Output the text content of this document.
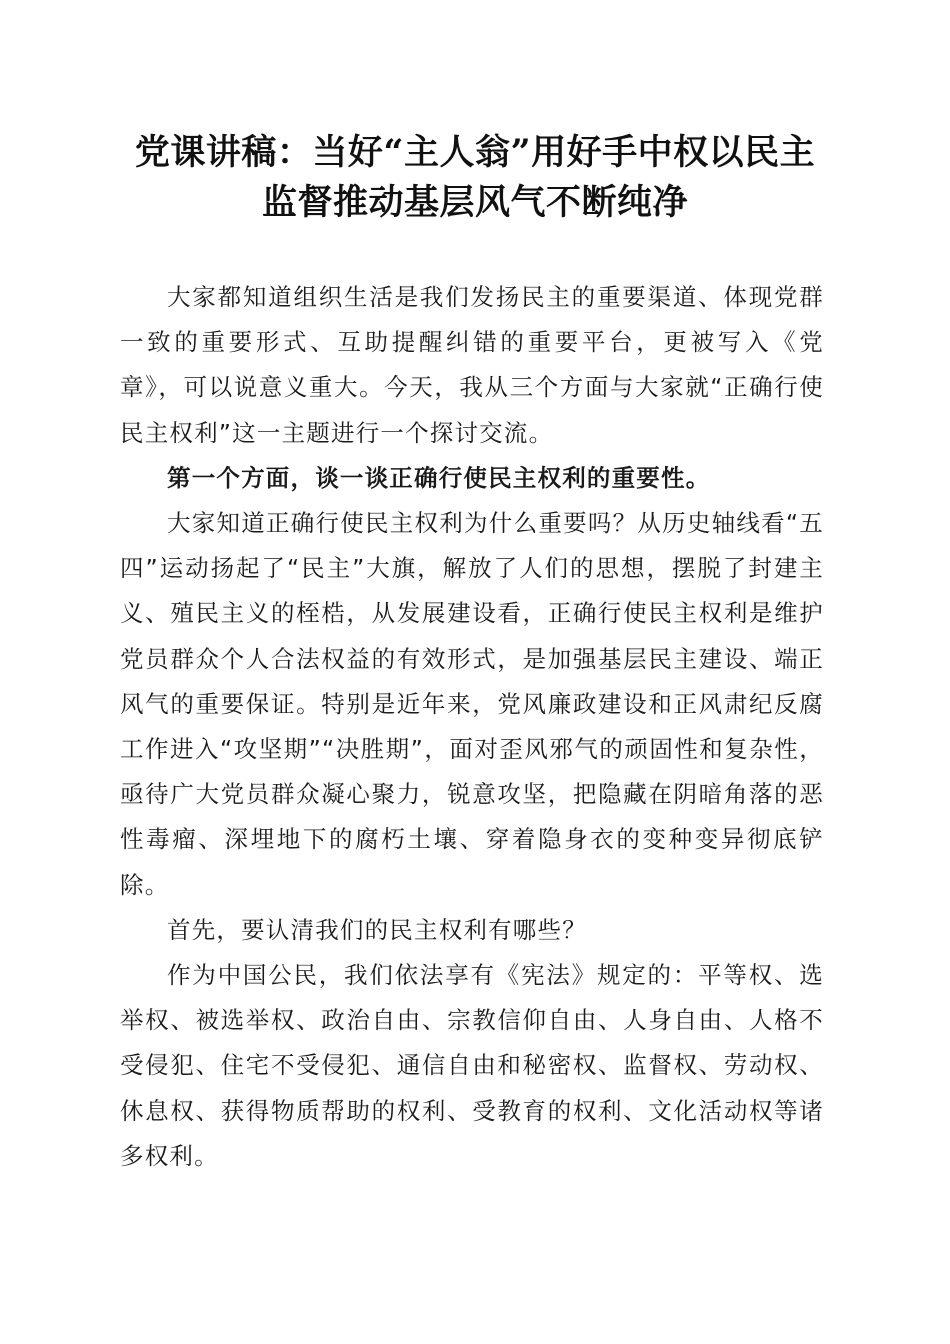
党课讲稿：当好“主人翁”用好手中权以民主
监督推动基层风气不断纯净

大家都知道组织生活是我们发扬民主的重要渠道、体现党群一致的重要形式、互助提醒纠错的重要平台，更被写入《党章》，可以说意义重大。今天，我从三个方面与大家就“正确行使民主权利”这一主题进行一个探讨交流。

第一个方面，谈一谈正确行使民主权利的重要性。

大家知道正确行使民主权利为什么重要吗？从历史轴线看“五四”运动扬起了“民主”大旗，解放了人们的思想，摆脱了封建主义、殖民主义的桎梏，从发展建设看，正确行使民主权利是维护党员群众个人合法权益的有效形式，是加强基层民主建设、端正风气的重要保证。特别是近年来，党风廉政建设和正风肃纪反腐工作进入“攻坚期”“决胜期”，面对歪风邪气的顽固性和复杂性，亟待广大党员群众凝心聚力，锐意攻坚，把隐藏在阴暗角落的恶性毒瘤、深埋地下的腐朽土壤、穿着隐身衣的变种变异彻底铲除。

首先，要认清我们的民主权利有哪些？

作为中国公民，我们依法享有《宪法》规定的：平等权、选举权、被选举权、政治自由、宗教信仰自由、人身自由、人格不受侵犯、住宅不受侵犯、通信自由和秘密权、监督权、劳动权、休息权、获得物质帮助的权利、受教育的权利、文化活动权等诸多权利。
